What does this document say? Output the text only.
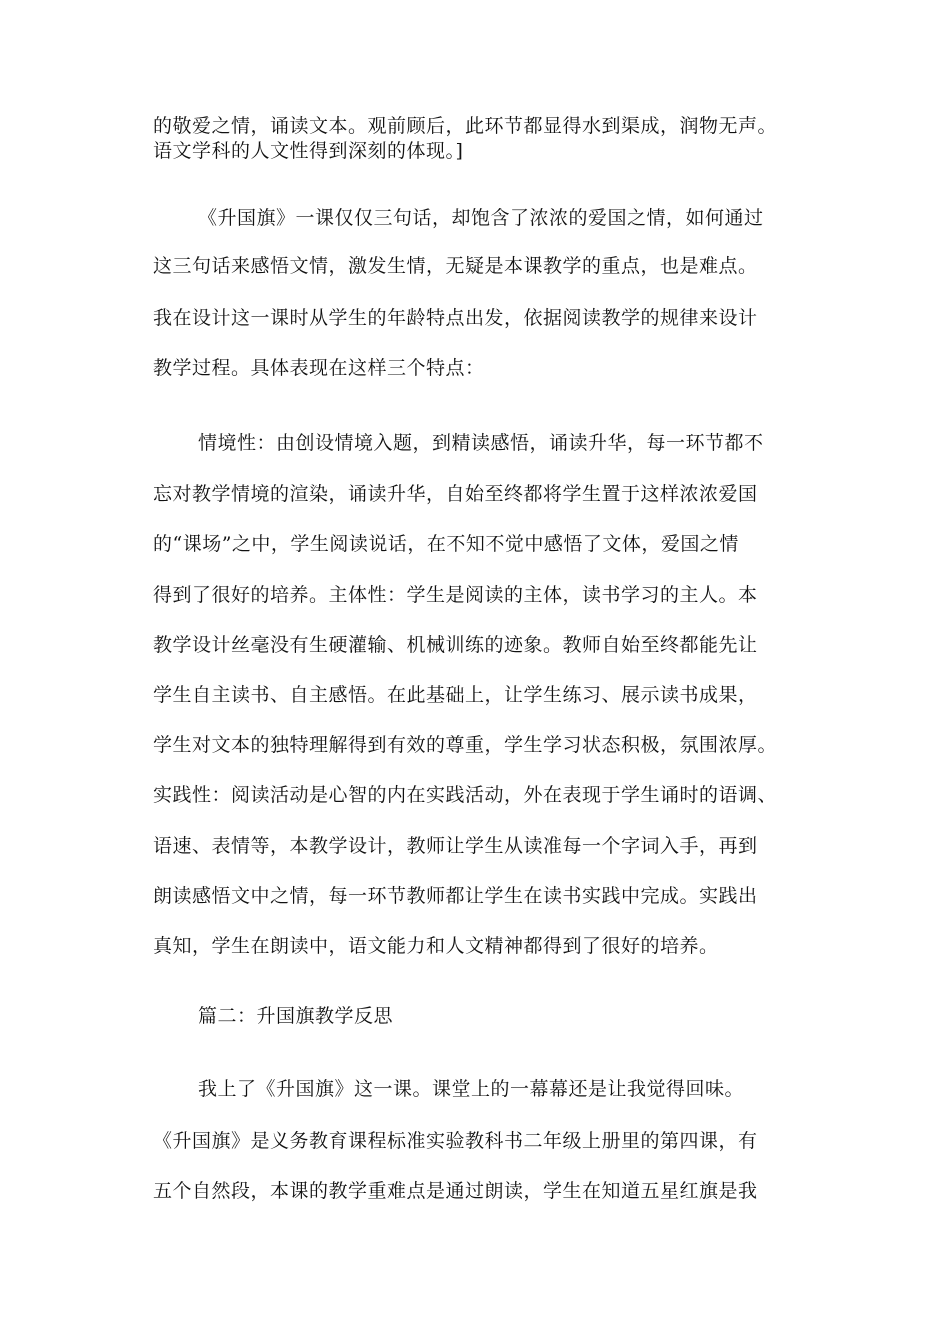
的敬爱之情，诵读文本。观前顾后，此环节都显得水到渠成，润物无声。
语文学科的人文性得到深刻的体现。]
《升国旗》一课仅仅三句话，却饱含了浓浓的爱国之情，如何通过
这三句话来感悟文情，激发生情，无疑是本课教学的重点，也是难点。
我在设计这一课时从学生的年龄特点出发，依据阅读教学的规律来设计
教学过程。具体表现在这样三个特点：
情境性：由创设情境入题，到精读感悟，诵读升华，每一环节都不
忘对教学情境的渲染，诵读升华，自始至终都将学生置于这样浓浓爱国
的“课场”之中，学生阅读说话，在不知不觉中感悟了文体，爱国之情
得到了很好的培养。主体性：学生是阅读的主体，读书学习的主人。本
教学设计丝毫没有生硬灌输、机械训练的迹象。教师自始至终都能先让
学生自主读书、自主感悟。在此基础上，让学生练习、展示读书成果，
学生对文本的独特理解得到有效的尊重，学生学习状态积极，氛围浓厚。
实践性：阅读活动是心智的内在实践活动，外在表现于学生诵时的语调、
语速、表情等，本教学设计，教师让学生从读准每一个字词入手，再到
朗读感悟文中之情，每一环节教师都让学生在读书实践中完成。实践出
真知，学生在朗读中，语文能力和人文精神都得到了很好的培养。
篇二：升国旗教学反思
我上了《升国旗》这一课。课堂上的一幕幕还是让我觉得回味。
《升国旗》是义务教育课程标准实验教科书二年级上册里的第四课，有
五个自然段，本课的教学重难点是通过朗读，学生在知道五星红旗是我
